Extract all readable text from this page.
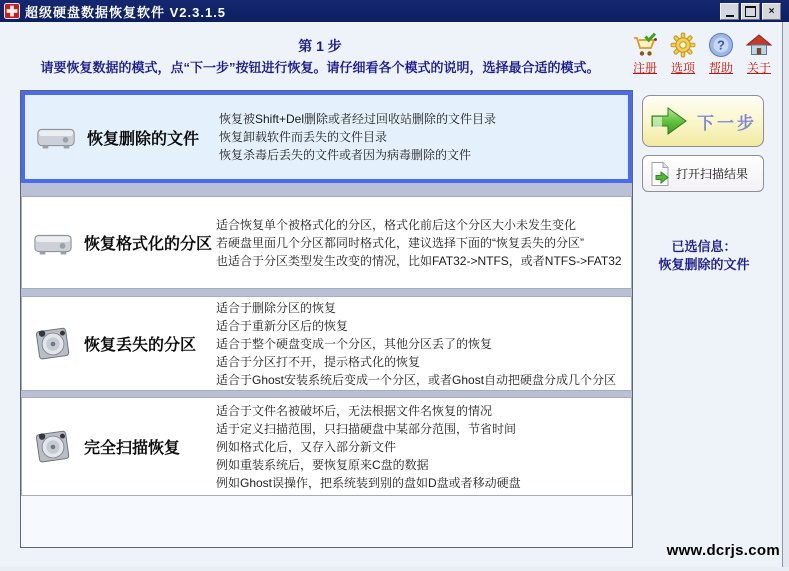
超级硬盘数据恢复软件 V2.3.1.5	×
第 1 步
请要恢复数据的模式，点“下一步”按钮进行恢复。请仔细看各个模式的说明，选择最合适的模式。	注册 选项
?
帮助 关于
恢复删除的文件
恢复被Shift+Del删除或者经过回收站删除的文件目录
恢复卸载软件而丢失的文件目录
恢复杀毒后丢失的文件或者因为病毒删除的文件
恢复格式化的分区
适合恢复单个被格式化的分区，格式化前后这个分区大小未发生变化
若硬盘里面几个分区都同时格式化，建议选择下面的“恢复丢失的分区”
也适合于分区类型发生改变的情况，比如FAT32->NTFS，或者NTFS->FAT32
恢复丢失的分区
适合于删除分区的恢复
适合于重新分区后的恢复
适合于整个硬盘变成一个分区，其他分区丢了的恢复
适合于分区打不开，提示格式化的恢复
适合于Ghost安装系统后变成一个分区，或者Ghost自动把硬盘分成几个分区
完全扫描恢复
适合于文件名被破坏后，无法根据文件名恢复的情况
适于定义扫描范围，只扫描硬盘中某部分范围，节省时间
例如格式化后，又存入部分新文件
例如重装系统后，要恢复原来C盘的数据
例如Ghost误操作，把系统装到别的盘如D盘或者移动硬盘
下一步
打开扫描结果
已选信息：
恢复删除的文件
www.dcrjs.com
